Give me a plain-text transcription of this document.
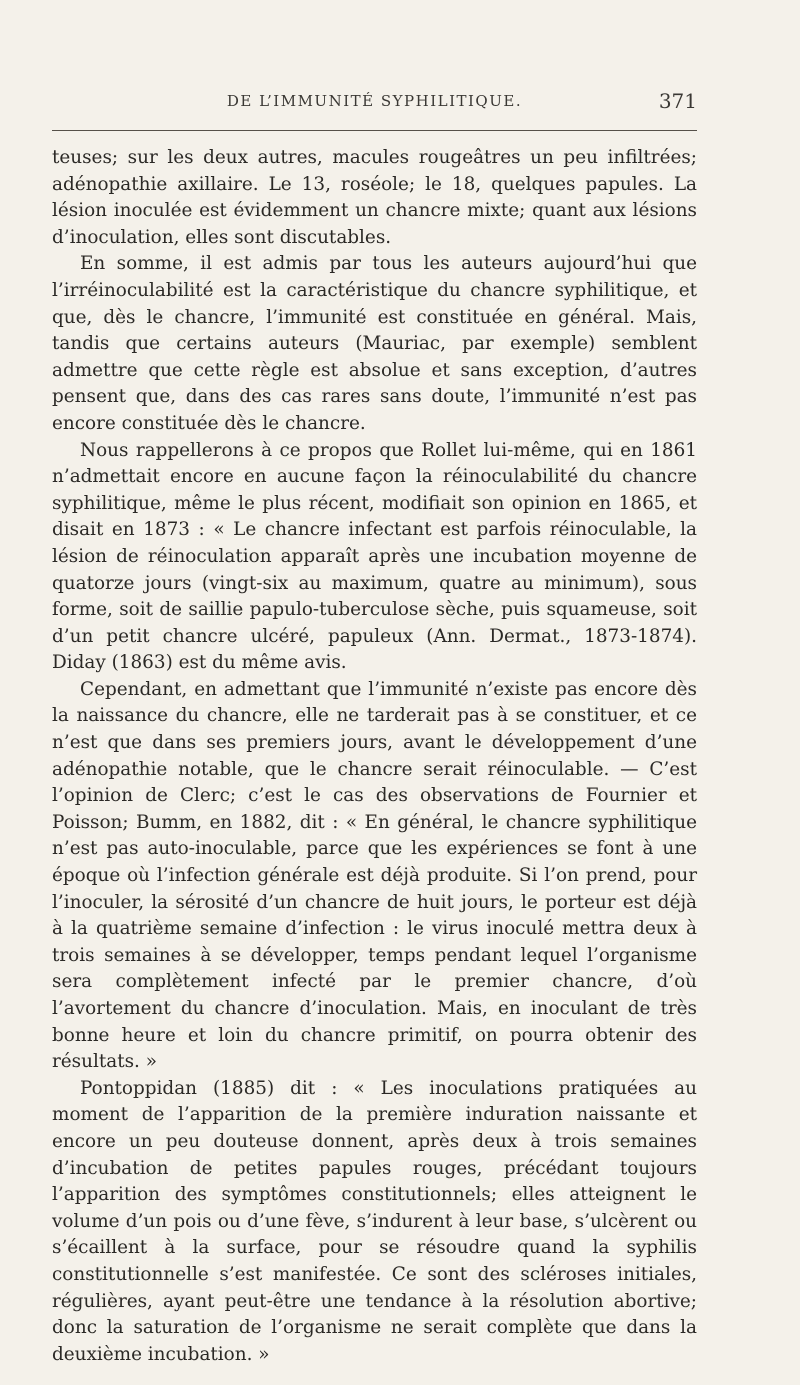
DE L’IMMUNITÉ SYPHILITIQUE.	371

teuses; sur les deux autres, macules rougeâtres un peu infiltrées; adénopathie axillaire. Le 13, roséole; le 18, quelques papules. La lésion inoculée est évidemment un chancre mixte; quant aux lésions d’inoculation, elles sont discutables.

En somme, il est admis par tous les auteurs aujourd’hui que l’irréinoculabilité est la caractéristique du chancre syphilitique, et que, dès le chancre, l’immunité est constituée en général. Mais, tandis que certains auteurs (Mauriac, par exemple) semblent admettre que cette règle est absolue et sans exception, d’autres pensent que, dans des cas rares sans doute, l’immunité n’est pas encore constituée dès le chancre.

Nous rappellerons à ce propos que Rollet lui-même, qui en 1861 n’admettait encore en aucune façon la réinoculabilité du chancre syphilitique, même le plus récent, modifiait son opinion en 1865, et disait en 1873 : « Le chancre infectant est parfois réinoculable, la lésion de réinoculation apparaît après une incubation moyenne de quatorze jours (vingt-six au maximum, quatre au minimum), sous forme, soit de saillie papulo-tuberculose sèche, puis squameuse, soit d’un petit chancre ulcéré, papuleux (Ann. Dermat., 1873-1874). Diday (1863) est du même avis.

Cependant, en admettant que l’immunité n’existe pas encore dès la naissance du chancre, elle ne tarderait pas à se constituer, et ce n’est que dans ses premiers jours, avant le développement d’une adénopathie notable, que le chancre serait réinoculable. — C’est l’opinion de Clerc; c’est le cas des observations de Fournier et Poisson; Bumm, en 1882, dit : « En général, le chancre syphilitique n’est pas auto-inoculable, parce que les expériences se font à une époque où l’infection générale est déjà produite. Si l’on prend, pour l’inoculer, la sérosité d’un chancre de huit jours, le porteur est déjà à la quatrième semaine d’infection : le virus inoculé mettra deux à trois semaines à se développer, temps pendant lequel l’organisme sera complètement infecté par le premier chancre, d’où l’avortement du chancre d’inoculation. Mais, en inoculant de très bonne heure et loin du chancre primitif, on pourra obtenir des résultats. »

Pontoppidan (1885) dit : « Les inoculations pratiquées au moment de l’apparition de la première induration naissante et encore un peu douteuse donnent, après deux à trois semaines d’incubation de petites papules rouges, précédant toujours l’apparition des symptômes constitutionnels; elles atteignent le volume d’un pois ou d’une fève, s’indurent à leur base, s’ulcèrent ou s’écaillent à la surface, pour se résoudre quand la syphilis constitutionnelle s’est manifestée. Ce sont des scléroses initiales, régulières, ayant peut-être une tendance à la résolution abortive; donc la saturation de l’organisme ne serait complète que dans la deuxième incubation. »
